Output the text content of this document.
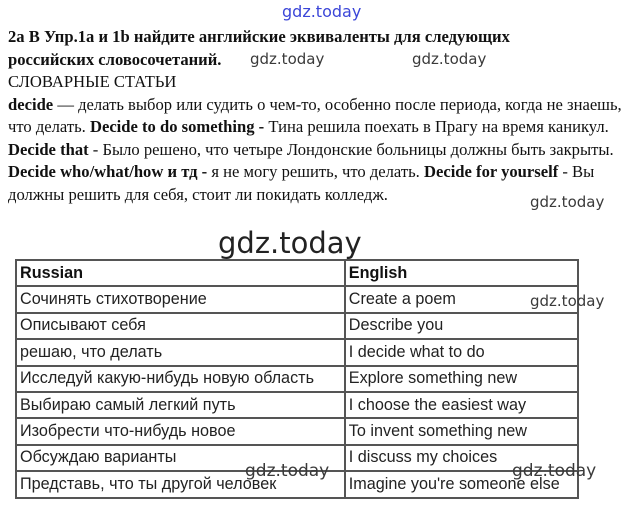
gdz.today

2a В Упр.1a и 1b найдите английские эквиваленты для следующих
российских словосочетаний.

СЛОВАРНЫЕ СТАТЬИ

decide — делать выбор или судить о чем-то, особенно после периода, когда не знаешь, что делать. Decide to do something - Тина решила поехать в Прагу на время каникул. Decide that - Было решено, что четыре Лондонские больницы должны быть закрыты. Decide who/what/how и тд - я не могу решить, что делать. Decide for yourself - Вы должны решить для себя, стоит ли покидать колледж.

gdz.today	gdz.today
gdz.today
gdz.today
Russian	English
Сочинять стихотворение	Create a poem
Описывают себя	Describe you
решаю, что делать	I decide what to do
Исследуй какую-нибудь новую область	Explore something new
Выбираю самый легкий путь	I choose the easiest way
Изобрести что-нибудь новое	To invent something new
Обсуждаю варианты	I discuss my choices
Представь, что ты другой человек	Imagine you're someone else
gdz.today
gdz.today	gdz.today
